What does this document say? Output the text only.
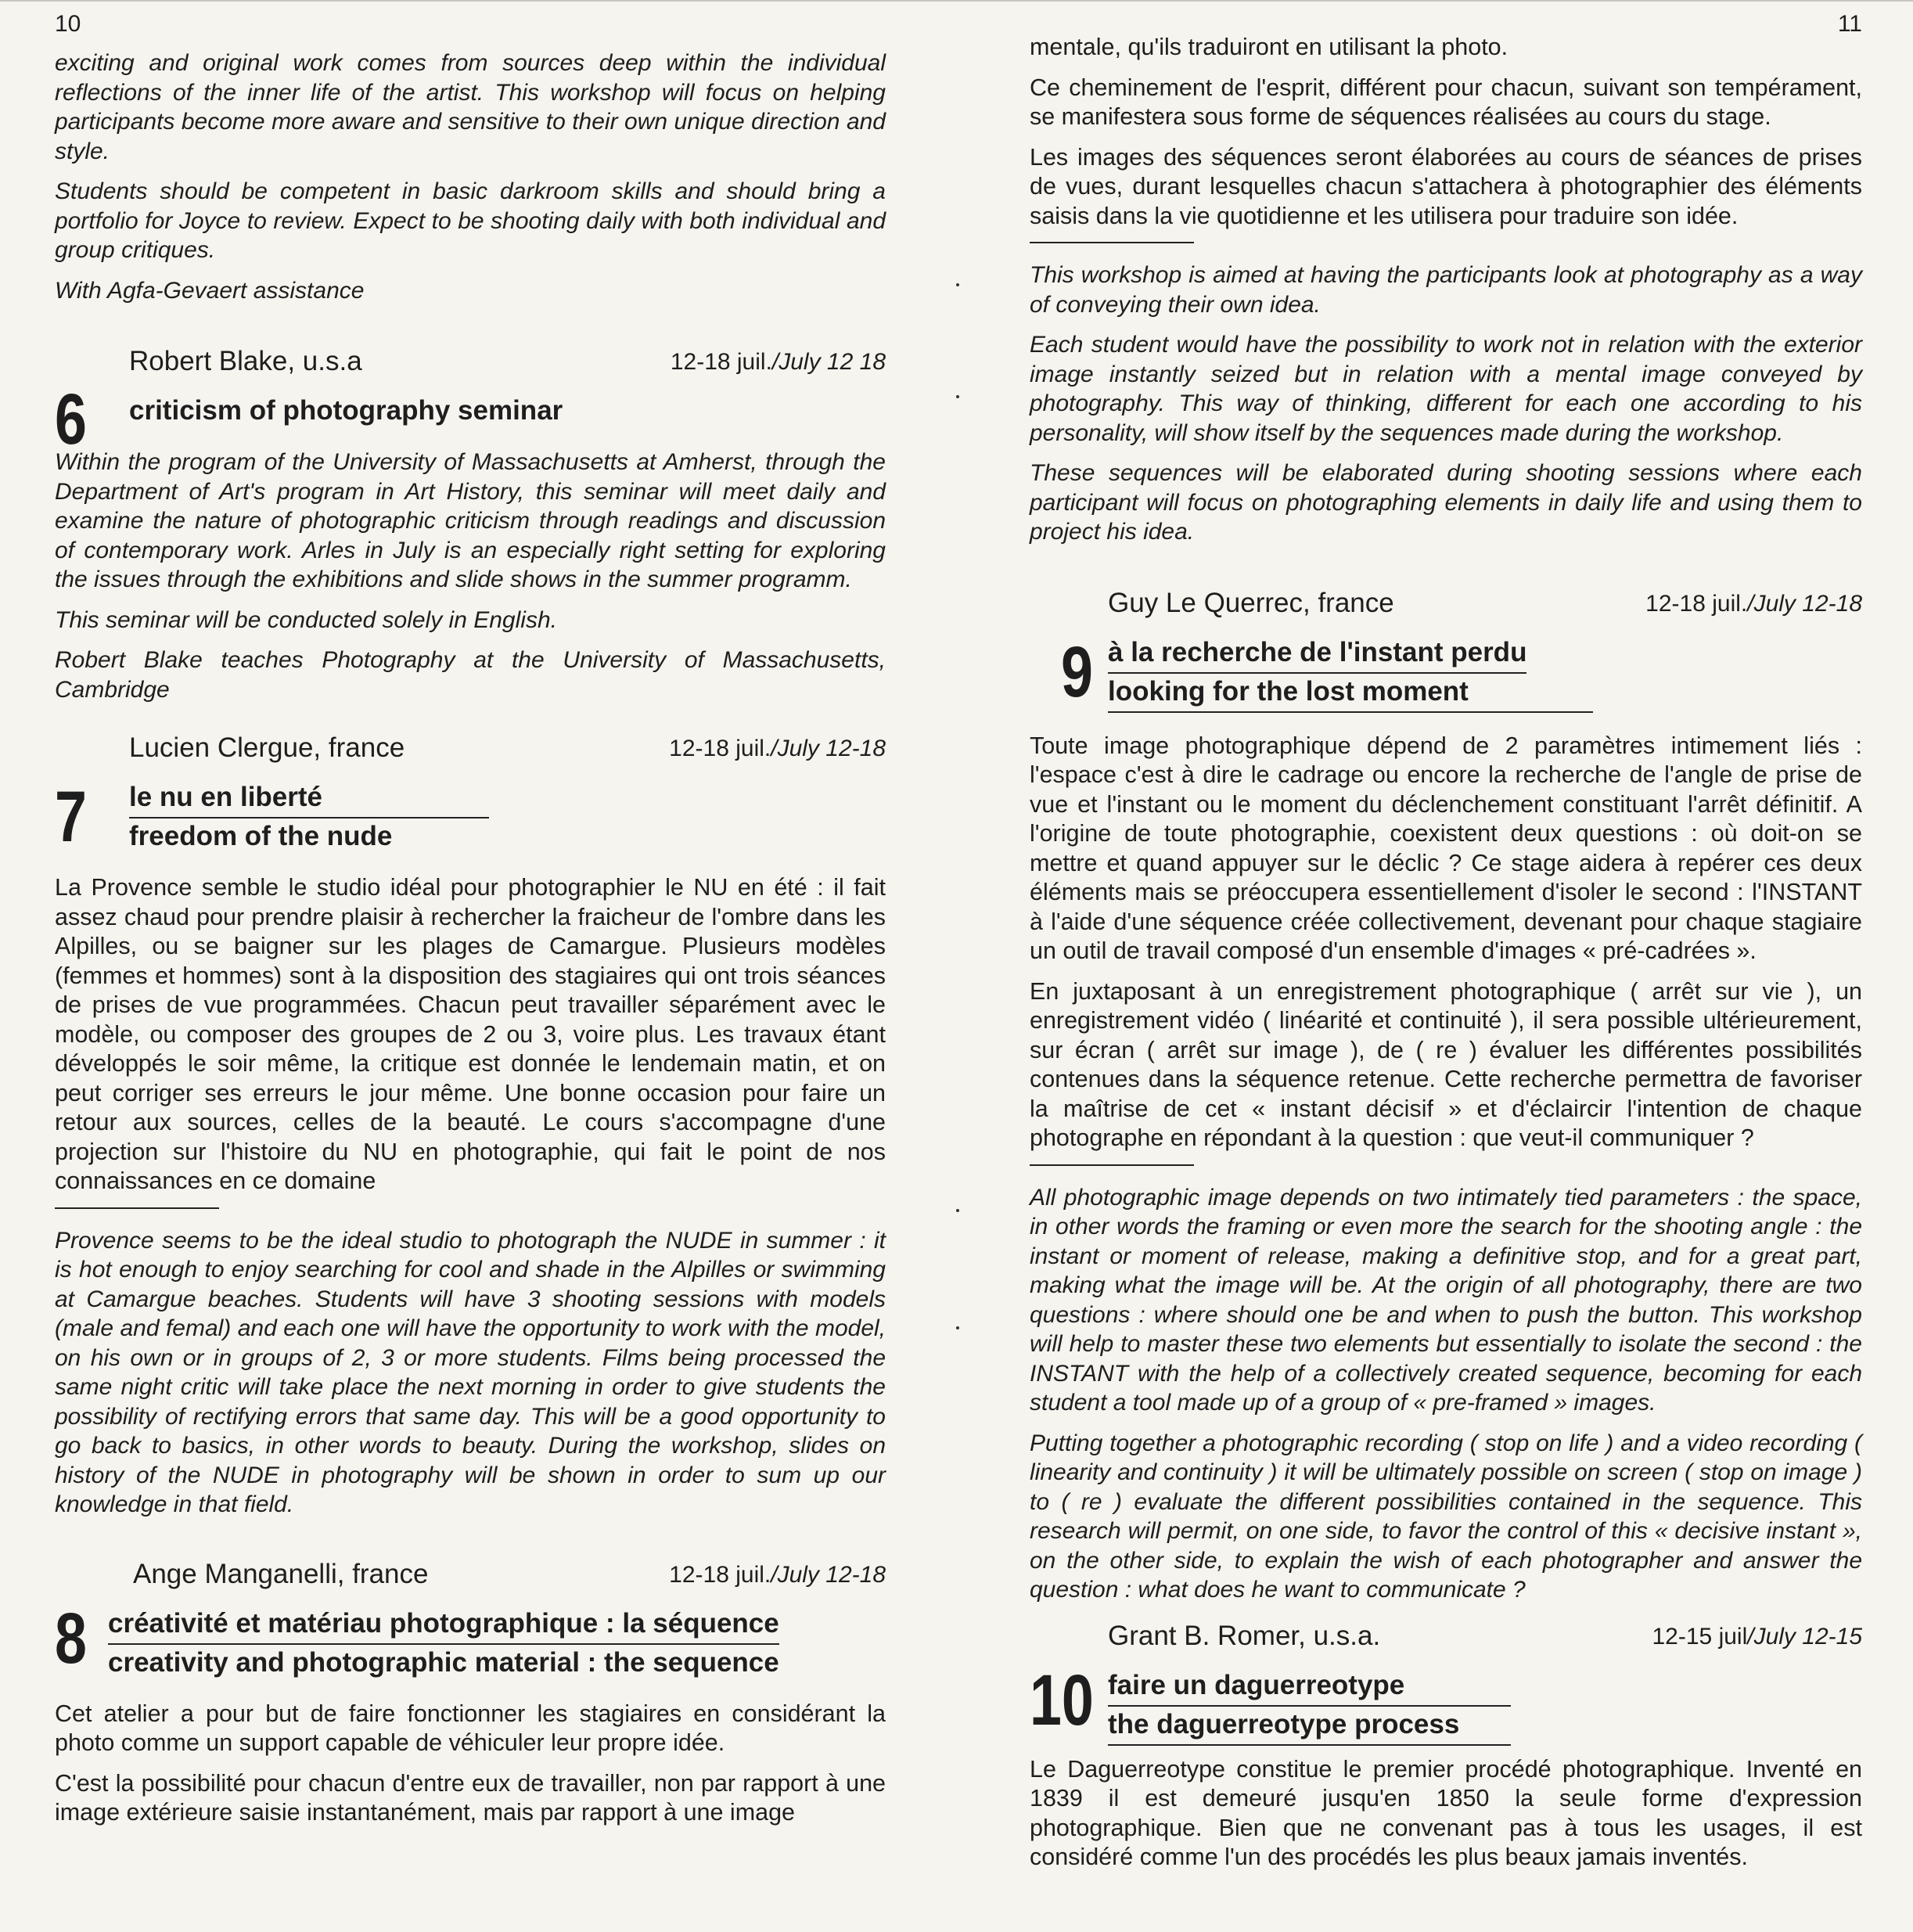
10

exciting and original work comes from sources deep within the individual reflections of the inner life of the artist. This workshop will focus on helping participants become more aware and sensitive to their own unique direction and style.

Students should be competent in basic darkroom skills and should bring a portfolio for Joyce to review. Expect to be shooting daily with both individual and group critiques.

With Agfa-Gevaert assistance

Robert Blake, u.s.a	12-18 juil./July 12 18
6 criticism of photography seminar

Within the program of the University of Massachusetts at Amherst, through the Department of Art's program in Art History, this seminar will meet daily and examine the nature of photographic criticism through readings and discussion of contemporary work. Arles in July is an especially right setting for exploring the issues through the exhibitions and slide shows in the summer programm.

This seminar will be conducted solely in English.

Robert Blake teaches Photography at the University of Massachusetts, Cambridge

Lucien Clergue, france	12-18 juil./July 12-18
7 le nu en liberté
freedom of the nude

La Provence semble le studio idéal pour photographier le NU en été : il fait assez chaud pour prendre plaisir à rechercher la fraicheur de l'ombre dans les Alpilles, ou se baigner sur les plages de Camargue. Plusieurs modèles (femmes et hommes) sont à la disposition des stagiaires qui ont trois séances de prises de vue programmées. Chacun peut travailler séparément avec le modèle, ou composer des groupes de 2 ou 3, voire plus. Les travaux étant développés le soir même, la critique est donnée le lendemain matin, et on peut corriger ses erreurs le jour même. Une bonne occasion pour faire un retour aux sources, celles de la beauté. Le cours s'accompagne d'une projection sur l'histoire du NU en photographie, qui fait le point de nos connaissances en ce domaine

Provence seems to be the ideal studio to photograph the NUDE in summer : it is hot enough to enjoy searching for cool and shade in the Alpilles or swimming at Camargue beaches. Students will have 3 shooting sessions with models (male and femal) and each one will have the opportunity to work with the model, on his own or in groups of 2, 3 or more students. Films being processed the same night critic will take place the next morning in order to give students the possibility of rectifying errors that same day. This will be a good opportunity to go back to basics, in other words to beauty. During the workshop, slides on history of the NUDE in photography will be shown in order to sum up our knowledge in that field.

Ange Manganelli, france	12-18 juil./July 12-18
8 créativité et matériau photographique : la séquence
creativity and photographic material : the sequence

Cet atelier a pour but de faire fonctionner les stagiaires en considérant la photo comme un support capable de véhiculer leur propre idée.

C'est la possibilité pour chacun d'entre eux de travailler, non par rapport à une image extérieure saisie instantanément, mais par rapport à une image

11

mentale, qu'ils traduiront en utilisant la photo.

Ce cheminement de l'esprit, différent pour chacun, suivant son tempérament, se manifestera sous forme de séquences réalisées au cours du stage.

Les images des séquences seront élaborées au cours de séances de prises de vues, durant lesquelles chacun s'attachera à photographier des éléments saisis dans la vie quotidienne et les utilisera pour traduire son idée.

This workshop is aimed at having the participants look at photography as a way of conveying their own idea.

Each student would have the possibility to work not in relation with the exterior image instantly seized but in relation with a mental image conveyed by photography. This way of thinking, different for each one according to his personality, will show itself by the sequences made during the workshop.

These sequences will be elaborated during shooting sessions where each participant will focus on photographing elements in daily life and using them to project his idea.

Guy Le Querrec, france	12-18 juil./July 12-18
9 à la recherche de l'instant perdu
looking for the lost moment

Toute image photographique dépend de 2 paramètres intimement liés : l'espace c'est à dire le cadrage ou encore la recherche de l'angle de prise de vue et l'instant ou le moment du déclenchement constituant l'arrêt définitif. A l'origine de toute photographie, coexistent deux questions : où doit-on se mettre et quand appuyer sur le déclic ? Ce stage aidera à repérer ces deux éléments mais se préoccupera essentiellement d'isoler le second : l'INSTANT à l'aide d'une séquence créée collectivement, devenant pour chaque stagiaire un outil de travail composé d'un ensemble d'images « pré-cadrées ».

En juxtaposant à un enregistrement photographique ( arrêt sur vie ), un enregistrement vidéo ( linéarité et continuité ), il sera possible ultérieurement, sur écran ( arrêt sur image ), de ( re ) évaluer les différentes possibilités contenues dans la séquence retenue. Cette recherche permettra de favoriser la maîtrise de cet « instant décisif » et d'éclaircir l'intention de chaque photographe en répondant à la question : que veut-il communiquer ?

All photographic image depends on two intimately tied parameters : the space, in other words the framing or even more the search for the shooting angle : the instant or moment of release, making a definitive stop, and for a great part, making what the image will be. At the origin of all photography, there are two questions : where should one be and when to push the button. This workshop will help to master these two elements but essentially to isolate the second : the INSTANT with the help of a collectively created sequence, becoming for each student a tool made up of a group of « pre-framed » images.

Putting together a photographic recording ( stop on life ) and a video recording ( linearity and continuity ) it will be ultimately possible on screen ( stop on image ) to ( re ) evaluate the different possibilities contained in the sequence. This research will permit, on one side, to favor the control of this « decisive instant », on the other side, to explain the wish of each photographer and answer the question : what does he want to communicate ?

Grant B. Romer, u.s.a.	12-15 juil/July 12-15
10 faire un daguerreotype
the daguerreotype process

Le Daguerreotype constitue le premier procédé photographique. Inventé en 1839 il est demeuré jusqu'en 1850 la seule forme d'expression photographique. Bien que ne convenant pas à tous les usages, il est considéré comme l'un des procédés les plus beaux jamais inventés.
